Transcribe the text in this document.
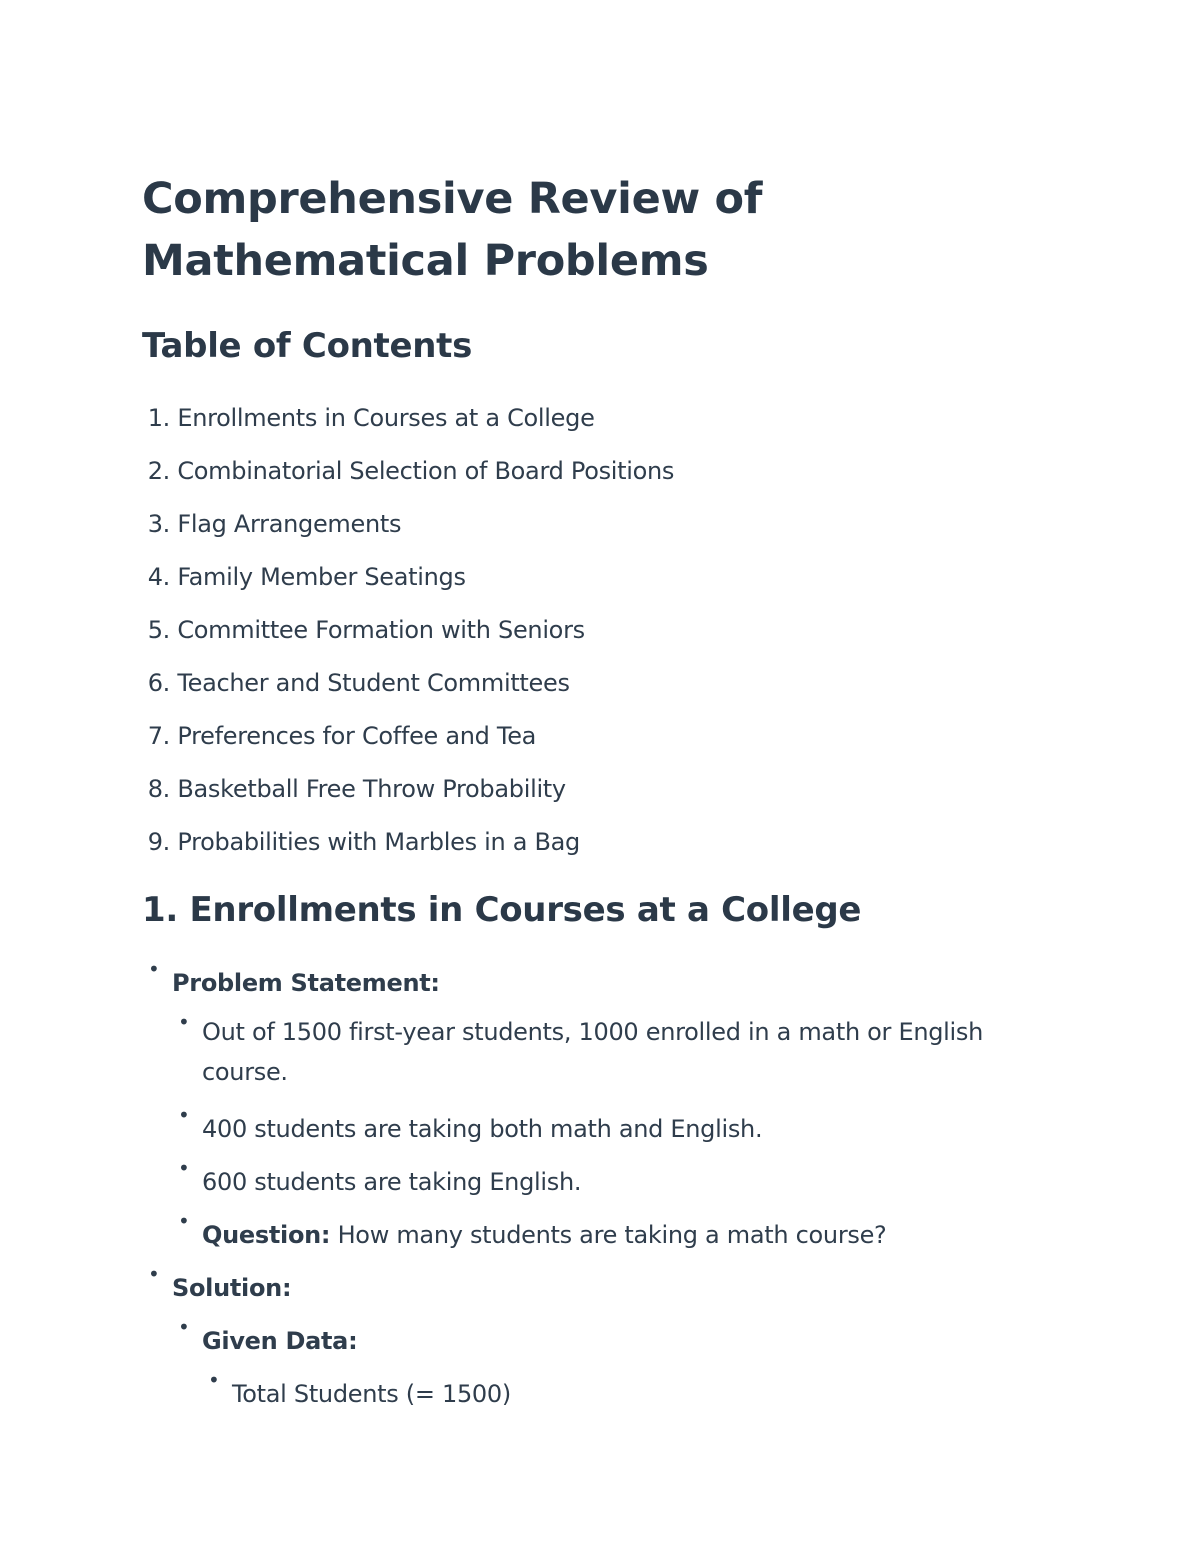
Comprehensive Review of
Mathematical Problems
Table of Contents
1. Enrollments in Courses at a College
2. Combinatorial Selection of Board Positions
3. Flag Arrangements
4. Family Member Seatings
5. Committee Formation with Seniors
6. Teacher and Student Committees
7. Preferences for Coffee and Tea
8. Basketball Free Throw Probability
9. Probabilities with Marbles in a Bag
1. Enrollments in Courses at a College
• Problem Statement:
• Out of 1500 first-year students, 1000 enrolled in a math or English course.
• 400 students are taking both math and English.
• 600 students are taking English.
• Question: How many students are taking a math course?
• Solution:
• Given Data:
• Total Students (= 1500)
